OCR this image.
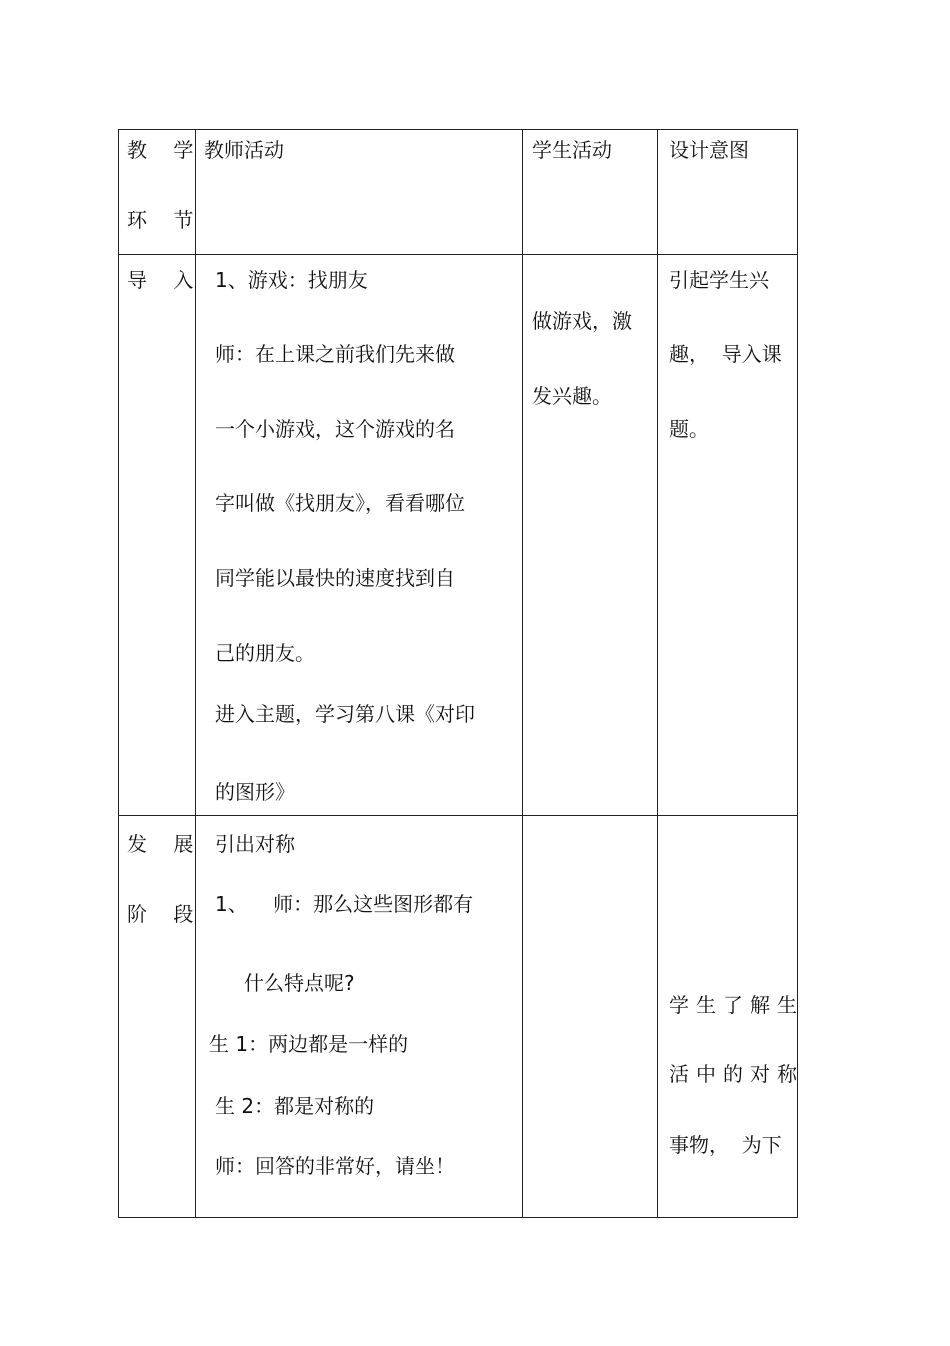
教 学
环 节
教师活动	学生活动	设计意图
导 入 1、游戏：找朋友
师：在上课之前我们先来做
一个小游戏，这个游戏的名
字叫做《找朋友》，看看哪位
同学能以最快的速度找到自
己的朋友。
进入主题，学习第八课《对印
的图形》
做游戏，激
发兴趣。
引起学生兴
趣，  导入课
题。
发 展
阶 段
引出对称
1、    师：那么这些图形都有
什么特点呢?
生 1：两边都是一样的
生 2：都是对称的
师：回答的非常好，请坐！
学生了解生
活中的对称
事物，  为下
